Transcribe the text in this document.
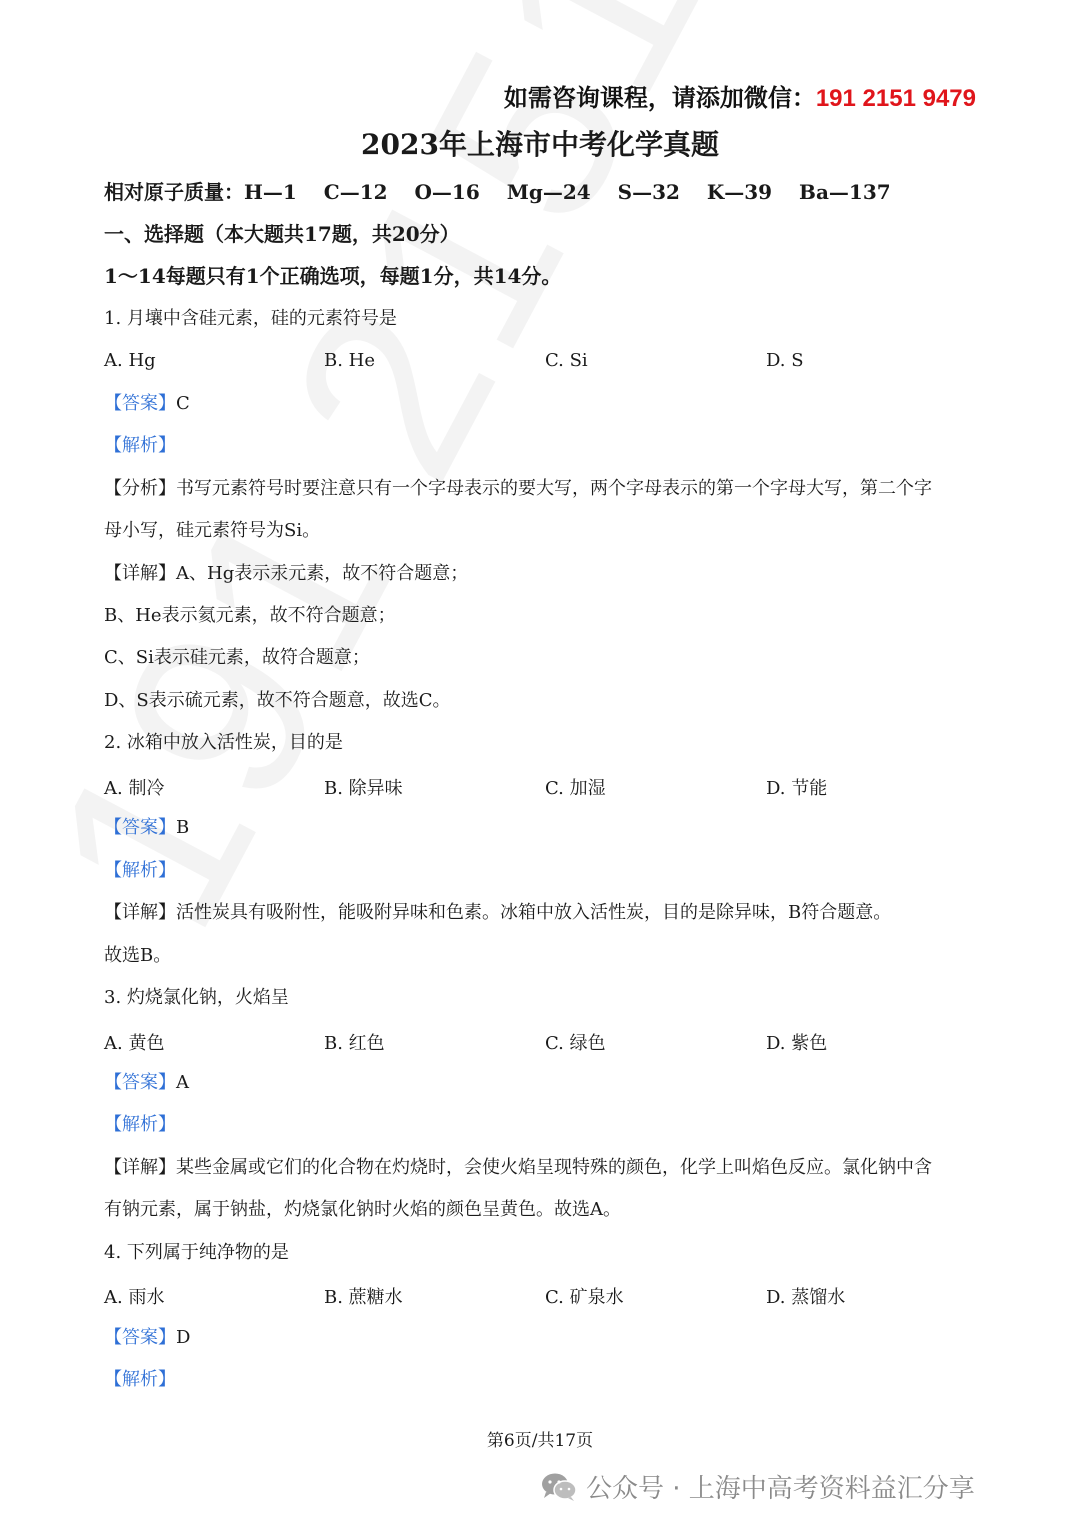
如需咨询课程，请添加微信：191 2151 9479
2023年上海市中考化学真题
相对原子质量：H—1　 C—12　 O—16　 Mg—24　 S—32　 K—39　 Ba—137
一、选择题（本大题共17题，共20分）
1～14每题只有1个正确选项，每题1分，共14分。
1. 月壤中含硅元素，硅的元素符号是
A. Hg	B. He	C. Si	D. S
【答案】C
【解析】
【分析】书写元素符号时要注意只有一个字母表示的要大写，两个字母表示的第一个字母大写，第二个字
母小写，硅元素符号为Si。
【详解】A、Hg表示汞元素，故不符合题意；
B、He表示氦元素，故不符合题意；
C、Si表示硅元素，故符合题意；
D、S表示硫元素，故不符合题意，故选C。
2. 冰箱中放入活性炭，目的是
A. 制冷	B. 除异味	C. 加湿	D. 节能
【答案】B
【解析】
【详解】活性炭具有吸附性，能吸附异味和色素。冰箱中放入活性炭，目的是除异味，B符合题意。
故选B。
3. 灼烧氯化钠，火焰呈
A. 黄色	B. 红色	C. 绿色	D. 紫色
【答案】A
【解析】
【详解】某些金属或它们的化合物在灼烧时，会使火焰呈现特殊的颜色，化学上叫焰色反应。氯化钠中含
有钠元素，属于钠盐，灼烧氯化钠时火焰的颜色呈黄色。故选A。
4. 下列属于纯净物的是
A. 雨水	B. 蔗糖水	C. 矿泉水	D. 蒸馏水
【答案】D
【解析】
第6页/共17页
公众号 · 上海中高考资料益汇分享
